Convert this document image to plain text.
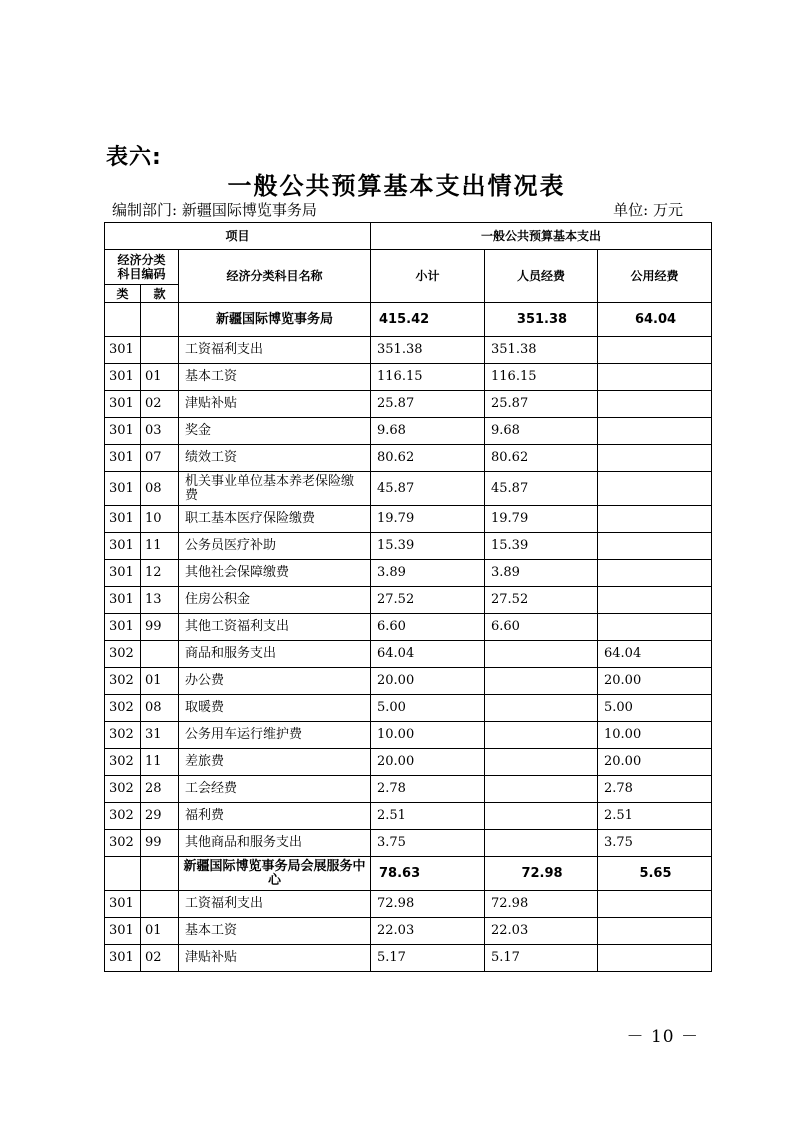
表六:
一般公共预算基本支出情况表
编制部门: 新疆国际博览事务局	单位: 万元
项目			一般公共预算基本支出		

经济分类
科目编码		经济分类科目名称	小计	人员经费	公用经费
类	款				
		新疆国际博览事务局	415.42	351.38	64.04
301		工资福利支出	351.38	351.38	
301	01	基本工资	116.15	116.15	
301	02	津贴补贴	25.87	25.87	
301	03	奖金	9.68	9.68	
301	07	绩效工资	80.62	80.62	
301	08	机关事业单位基本养老保险缴费	45.87	45.87	
301	10	职工基本医疗保险缴费	19.79	19.79	
301	11	公务员医疗补助	15.39	15.39	
301	12	其他社会保障缴费	3.89	3.89	
301	13	住房公积金	27.52	27.52	
301	99	其他工资福利支出	6.60	6.60	
302		商品和服务支出	64.04		64.04
302	01	办公费	20.00		20.00
302	08	取暖费	5.00		5.00
302	31	公务用车运行维护费	10.00		10.00
302	11	差旅费	20.00		20.00
302	28	工会经费	2.78		2.78
302	29	福利费	2.51		2.51
302	99	其他商品和服务支出	3.75		3.75
		新疆国际博览事务局会展服务中心	78.63	72.98	5.65
301		工资福利支出	72.98	72.98	
301	01	基本工资	22.03	22.03	
301	02	津贴补贴	5.17	5.17	
－ 10 －
